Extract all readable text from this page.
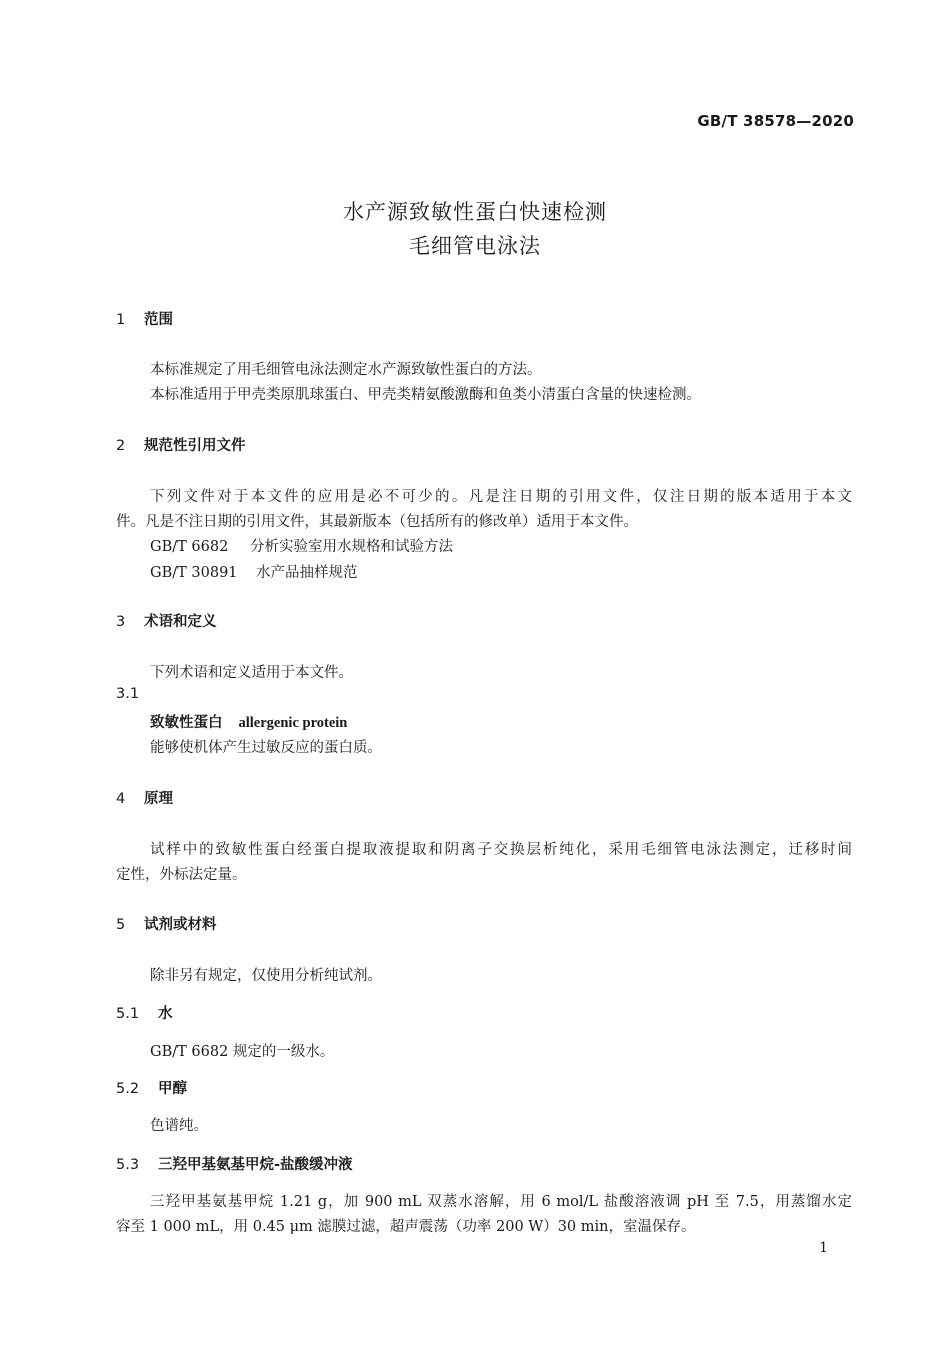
GB/T 38578—2020
水产源致敏性蛋白快速检测
毛细管电泳法
1 范围
本标准规定了用毛细管电泳法测定水产源致敏性蛋白的方法。
本标准适用于甲壳类原肌球蛋白、甲壳类精氨酸激酶和鱼类小清蛋白含量的快速检测。
2 规范性引用文件
下列文件对于本文件的应用是必不可少的。凡是注日期的引用文件，仅注日期的版本适用于本文
件。凡是不注日期的引用文件，其最新版本（包括所有的修改单）适用于本文件。
GB/T 6682 分析实验室用水规格和试验方法
GB/T 30891 水产品抽样规范
3 术语和定义
下列术语和定义适用于本文件。
3.1
致敏性蛋白 allergenic protein
能够使机体产生过敏反应的蛋白质。
4 原理
试样中的致敏性蛋白经蛋白提取液提取和阴离子交换层析纯化，采用毛细管电泳法测定，迁移时间
定性，外标法定量。
5 试剂或材料
除非另有规定，仅使用分析纯试剂。
5.1 水
GB/T 6682 规定的一级水。
5.2 甲醇
色谱纯。
5.3 三羟甲基氨基甲烷-盐酸缓冲液
三羟甲基氨基甲烷 1.21 g，加 900 mL 双蒸水溶解，用 6 mol/L 盐酸溶液调 pH 至 7.5，用蒸馏水定
容至 1 000 mL，用 0.45 μm 滤膜过滤，超声震荡（功率 200 W）30 min，室温保存。
1
